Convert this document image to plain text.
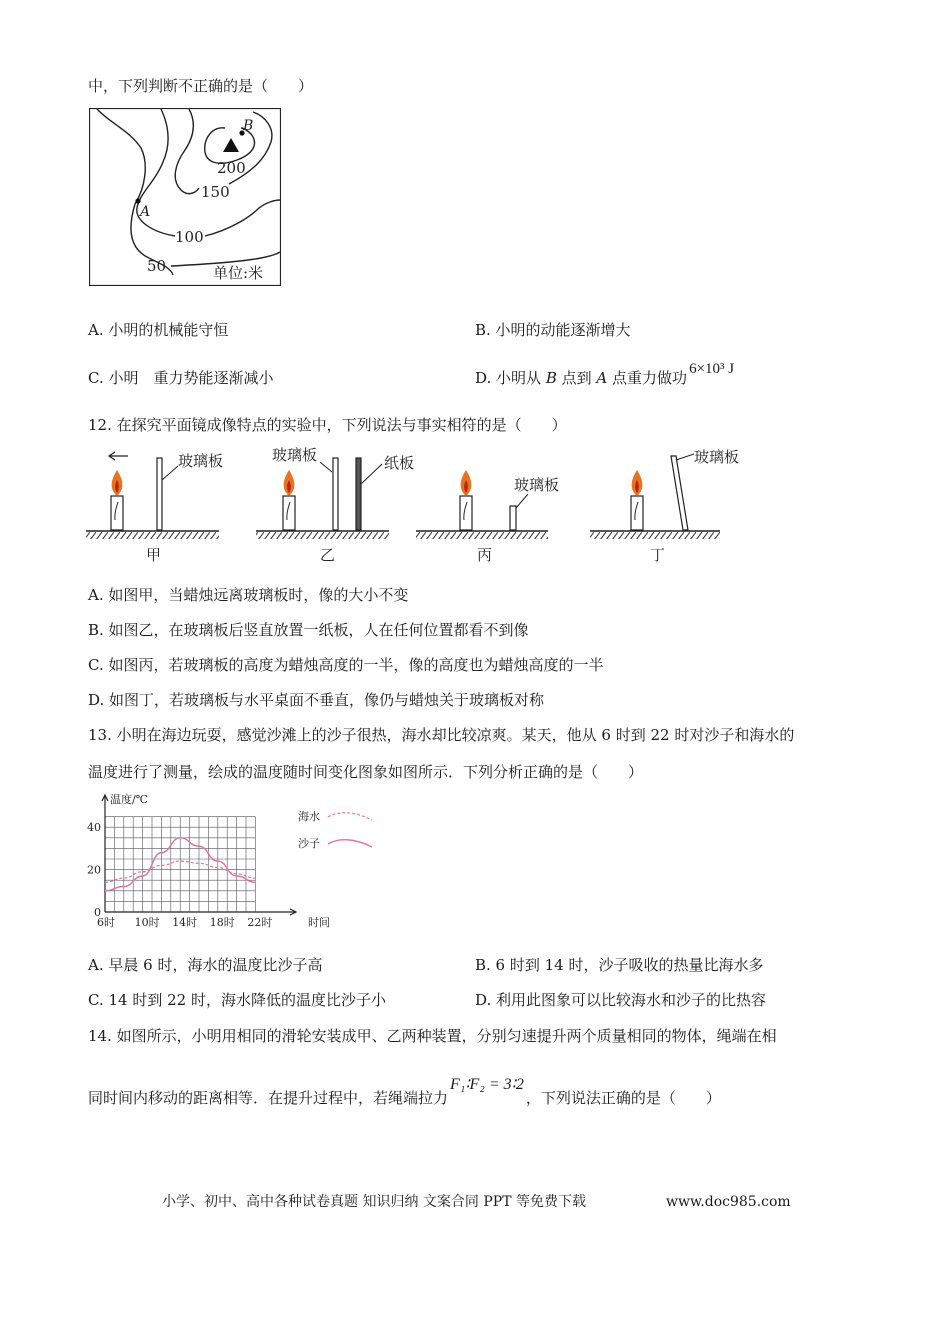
中，下列判断不正确的是（　　）
B
A
200
150
100
50	单位:米
A. 小明的机械能守恒	B. 小明的动能逐渐增大
C. 小明　重力势能逐渐减小	D. 小明从 B 点到 A 点重力做功 6×10³ J
12. 在探究平面镜成像特点的实验中，下列说法与事实相符的是（　　）
玻璃板
甲
玻璃板	纸板
乙
玻璃板
丙
玻璃板
丁
A. 如图甲，当蜡烛远离玻璃板时，像的大小不变
B. 如图乙，在玻璃板后竖直放置一纸板，人在任何位置都看不到像
C. 如图丙，若玻璃板的高度为蜡烛高度的一半，像的高度也为蜡烛高度的一半
D. 如图丁，若玻璃板与水平桌面不垂直，像仍与蜡烛关于玻璃板对称
13. 小明在海边玩耍，感觉沙滩上的沙子很热，海水却比较凉爽。某天，他从 6 时到 22 时对沙子和海水的
温度进行了测量，绘成的温度随时间变化图象如图所示．下列分析正确的是（　　）
温度/℃
时间
6时 10时 14时 18时 22时
0
20
40
海水
沙子
A. 早晨 6 时，海水的温度比沙子高	B. 6 时到 14 时，沙子吸收的热量比海水多
C. 14 时到 22 时，海水降低的温度比沙子小	D. 利用此图象可以比较海水和沙子的比热容
14. 如图所示，小明用相同的滑轮安装成甲、乙两种装置，分别匀速提升两个质量相同的物体，绳端在相
同时间内移动的距离相等．在提升过程中，若绳端拉力F₁∶F₂ = 3∶2，下列说法正确的是（　　）
小学、初中、高中各种试卷真题 知识归纳 文案合同 PPT 等免费下载	www.doc985.com
